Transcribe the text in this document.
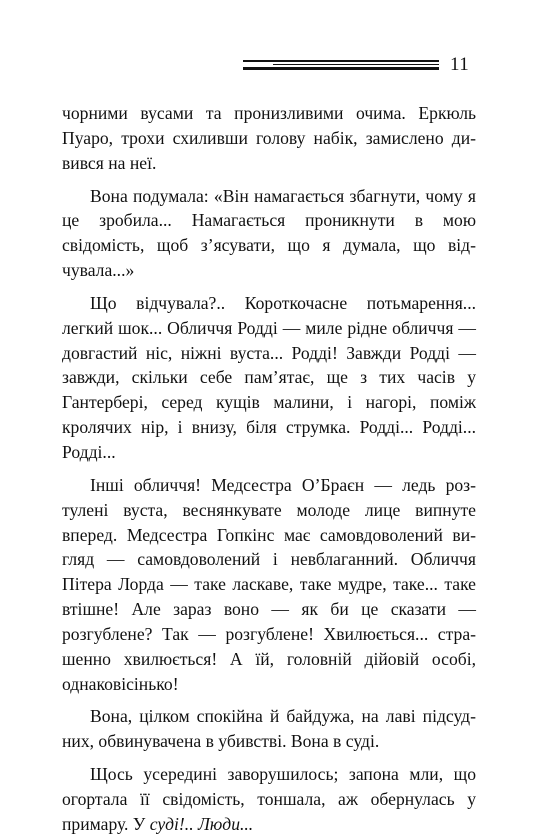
11

чорними вусами та пронизливими очима. Еркюль Пуаро, трохи схиливши голову набік, замислено дивився на неї.

Вона подумала: «Він намагається збагнути, чому я це зробила... Намагається проникнути в мою свідомість, щоб з’ясувати, що я думала, що відчувала...»

Що відчувала?.. Короткочасне потьмарення... легкий шок... Обличчя Родді — миле рідне обличчя — довгастий ніс, ніжні вуста... Родді! Завжди Родді — завжди, скільки себе пам’ятає, ще з тих часів у Гантербері, серед кущів малини, і нагорі, поміж кролячих нір, і внизу, біля струмка. Родді... Родді... Родді...

Інші обличчя! Медсестра О’Браєн — ледь розтулені вуста, веснянкувате молоде лице випнуте вперед. Медсестра Гопкінс має самовдоволений вигляд — самовдоволений і невблаганний. Обличчя Пітера Лорда — таке ласкаве, таке мудре, таке... таке втішне! Але зараз воно — як би це сказати — розгублене? Так — розгублене! Хвилюється... страшенно хвилюється! А їй, головній дійовій особі, однаковісінько!

Вона, цілком спокійна й байдужа, на лаві підсудних, обвинувачена в убивстві. Вона в суді.

Щось усередині заворушилось; запона мли, що огортала її свідомість, тоншала, аж обернулась у примару. У суді!.. Люди...
